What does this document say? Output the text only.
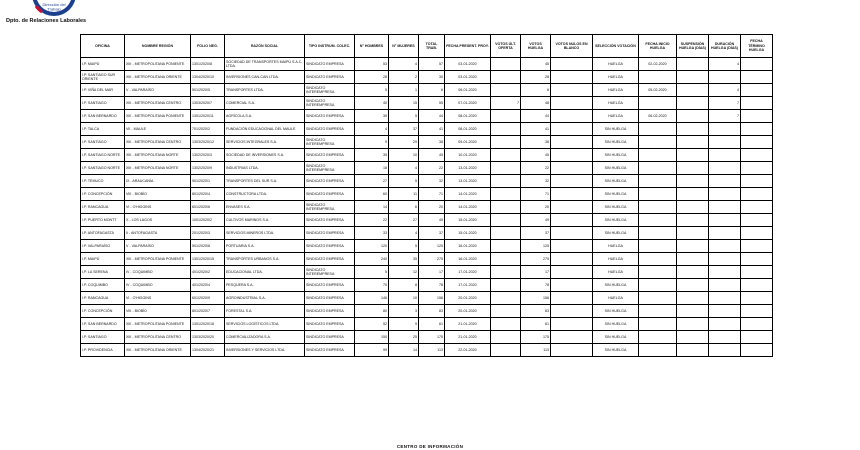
Dirección del
Trabajo
Dpto. de Relaciones Laborales
OFICINA	NOMBRE REGIÓN	FOLIO NEG.	RAZÓN SOCIAL	TIPO INSTRUM. COLEC.	N° HOMBRES	N° MUJERES	TOTAL TRAB.	FECHA PRESENT. PROY.	VOTOS ÚLT. OFERTA	VOTOS HUELGA	VOTOS NULOS EN BLANCO	SELECCIÓN VOTACIÓN	FECHA INICIO HUELGA	SUSPENSIÓN HUELGA (DÍAS)	DURACIÓN HUELGA (DÍAS)	FECHA TÉRMINO HUELGA
I.P. MAIPÚ	XIII - METROPOLITANA PONIENTE	1301/2020/8	SOCIEDAD DE TRANSPORTES MAIPÚ S.A.C. LTDA.	SINDICATO EMPRESA	53	4	57	03-01-2020		45		HUELGA	02-02-2020		4	
I.P. SANTIAGO SUR ORIENTE	XIII - METROPOLITANA ORIENTE	1304/2020/10	INVERSIONES CAN-CAN LTDA.	SINDICATO EMPRESA	28	2	30	03-01-2020		28		HUELGA				
I.P. VIÑA DEL MAR	V - VALPARAÍSO	501/2020/5	TRANSPORTES LTDA.	SINDICATO INTEREMPRESA	5	1	6	06-01-2020		6		HUELGA	05-02-2020		4	
I.P. SANTIAGO	XIII - METROPOLITANA CENTRO	1303/2020/7	COMERCIAL S.A.	SINDICATO INTEREMPRESA	40	15	55	07-01-2020	7	48		HUELGA			7	
I.P. SAN BERNARDO	XIII - METROPOLITANA PONIENTE	1301/2020/11	AGRÍCOLA S.A.	SINDICATO EMPRESA	39	5	44	08-01-2020		44		HUELGA	06-02-2020		7	
I.P. TALCA	VII - MAULE	701/2020/2	FUNDACIÓN EDUCACIONAL DEL MAULE	SINDICATO EMPRESA	4	37	41	08-01-2020		41		SIN HUELGA				
I.P. SANTIAGO	XIII - METROPOLITANA CENTRO	1303/2020/12	SERVICIOS INTEGRALES S.A.	SINDICATO INTEREMPRESA	9	29	38	09-01-2020		38		SIN HUELGA				
I.P. SANTIAGO NORTE	XIII - METROPOLITANA NORTE	1302/2020/3	SOCIEDAD DE INVERSIONES S.A.	SINDICATO EMPRESA	35	10	45	10-01-2020		45		SIN HUELGA				
I.P. SANTIAGO NORTE	XIII - METROPOLITANA NORTE	1302/2020/9	INDUSTRIAS LTDA.	SINDICATO INTEREMPRESA	18	4	22	13-01-2020		22		SIN HUELGA				
I.P. TEMUCO	IX - ARAUCANÍA	901/2020/1	TRANSPORTES DEL SUR S.A.	SINDICATO EMPRESA	27	5	32	13-01-2020		32		SIN HUELGA				
I.P. CONCEPCIÓN	VIII - BIOBÍO	801/2020/4	CONSTRUCTORA LTDA.	SINDICATO EMPRESA	60	11	71	14-01-2020		71		SIN HUELGA				
I.P. RANCAGUA	VI - O'HIGGINS	601/2020/6	ENVASES S.A.	SINDICATO INTEREMPRESA	14	6	20	14-01-2020		20		SIN HUELGA				
I.P. PUERTO MONTT	X - LOS LAGOS	1001/2020/2	CULTIVOS MARINOS S.A.	SINDICATO EMPRESA	22	27	49	15-01-2020		49		SIN HUELGA				
I.P. ANTOFAGASTA	II - ANTOFAGASTA	201/2020/3	SERVICIOS MINEROS LTDA.	SINDICATO EMPRESA	33	4	37	15-01-2020		37		SIN HUELGA				
I.P. VALPARAÍSO	V - VALPARAÍSO	501/2020/8	PORTUARIA S.A.	SINDICATO EMPRESA	120	5	125	16-01-2020		125		HUELGA				
I.P. MAIPÚ	XIII - METROPOLITANA PONIENTE	1301/2020/15	TRANSPORTES URBANOS S.A.	SINDICATO EMPRESA	240	35	275	16-01-2020		275		HUELGA				
I.P. LA SERENA	IV - COQUIMBO	401/2020/2	EDUCACIONAL LTDA.	SINDICATO INTEREMPRESA	5	12	17	17-01-2020		17		HUELGA				
I.P. COQUIMBO	IV - COQUIMBO	401/2020/4	PESQUERA S.A.	SINDICATO EMPRESA	70	8	78	17-01-2020		78		SIN HUELGA				
I.P. RANCAGUA	VI - O'HIGGINS	601/2020/9	AGROINDUSTRIAL S.A.	SINDICATO EMPRESA	146	10	156	20-01-2020		156		HUELGA				
I.P. CONCEPCIÓN	VIII - BIOBÍO	801/2020/7	FORESTAL S.A.	SINDICATO EMPRESA	80	3	83	20-01-2020		83		SIN HUELGA				
I.P. SAN BERNARDO	XIII - METROPOLITANA PONIENTE	1301/2020/18	SERVICIOS LOGÍSTICOS LTDA.	SINDICATO EMPRESA	52	9	61	21-01-2020		61		SIN HUELGA				
I.P. SANTIAGO	XIII - METROPOLITANA CENTRO	1303/2020/20	COMERCIALIZADORA S.A.	SINDICATO EMPRESA	150	25	175	21-01-2020		175		SIN HUELGA				
I.P. PROVIDENCIA	XIII - METROPOLITANA ORIENTE	1304/2020/21	INVERSIONES Y SERVICIOS LTDA.	SINDICATO EMPRESA	99	14	113	22-01-2020		113		SIN HUELGA				
CENTRO DE INFORMACIÓN
